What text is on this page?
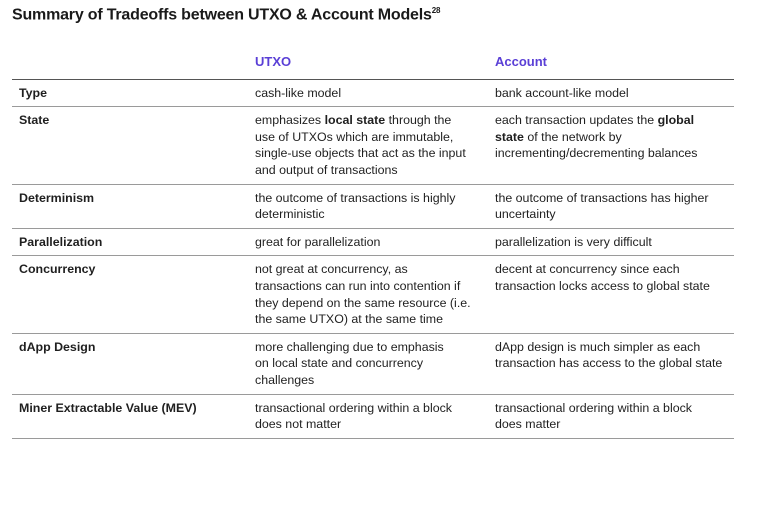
Summary of Tradeoffs between UTXO & Account Models$^{28}$
	UTXO	Account
Type	cash-like model	bank account-like model
State	emphasizes local state through the use of UTXOs which are immutable, single-use objects that act as the input and output of transactions	each transaction updates the global state of the network by incrementing/decrementing balances
Determinism	the outcome of transactions is highly deterministic	the outcome of transactions has higher uncertainty
Parallelization	great for parallelization	parallelization is very difficult
Concurrency	not great at concurrency, as transactions can run into contention if they depend on the same resource (i.e. the same UTXO) at the same time	decent at concurrency since each transaction locks access to global state
dApp Design	more challenging due to emphasis on local state and concurrency challenges	dApp design is much simpler as each transaction has access to the global state
Miner Extractable Value (MEV)	transactional ordering within a block does not matter	transactional ordering within a block does matter
